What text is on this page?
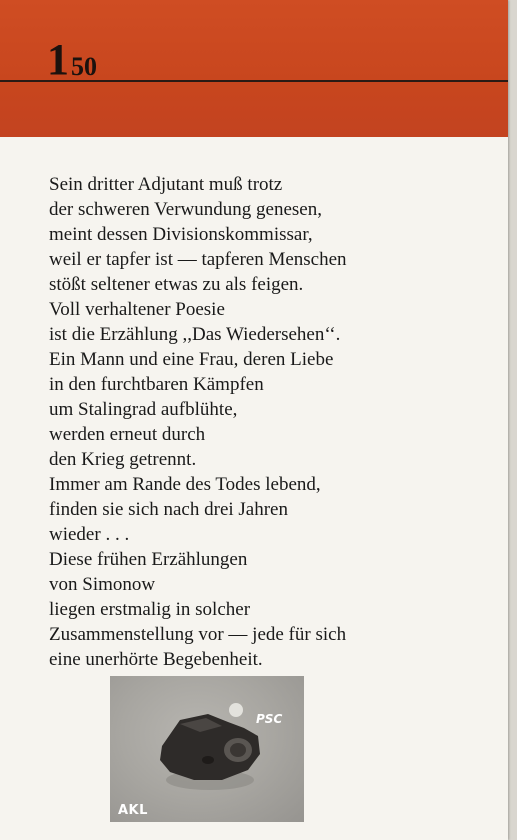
1 50
Sein dritter Adjutant muß trotz
der schweren Verwundung genesen,
meint dessen Divisionskommissar,
weil er tapfer ist — tapferen Menschen
stößt seltener etwas zu als feigen.
Voll verhaltener Poesie
ist die Erzählung ,,Das Wiedersehen‘‘.
Ein Mann und eine Frau, deren Liebe
in den furchtbaren Kämpfen
um Stalingrad aufblühte,
werden erneut durch
den Krieg getrennt.
Immer am Rande des Todes lebend,
finden sie sich nach drei Jahren
wieder . . .
Diese frühen Erzählungen
von Simonow
liegen erstmalig in solcher
Zusammenstellung vor — jede für sich
eine unerhörte Begebenheit.
PSC
AKL
